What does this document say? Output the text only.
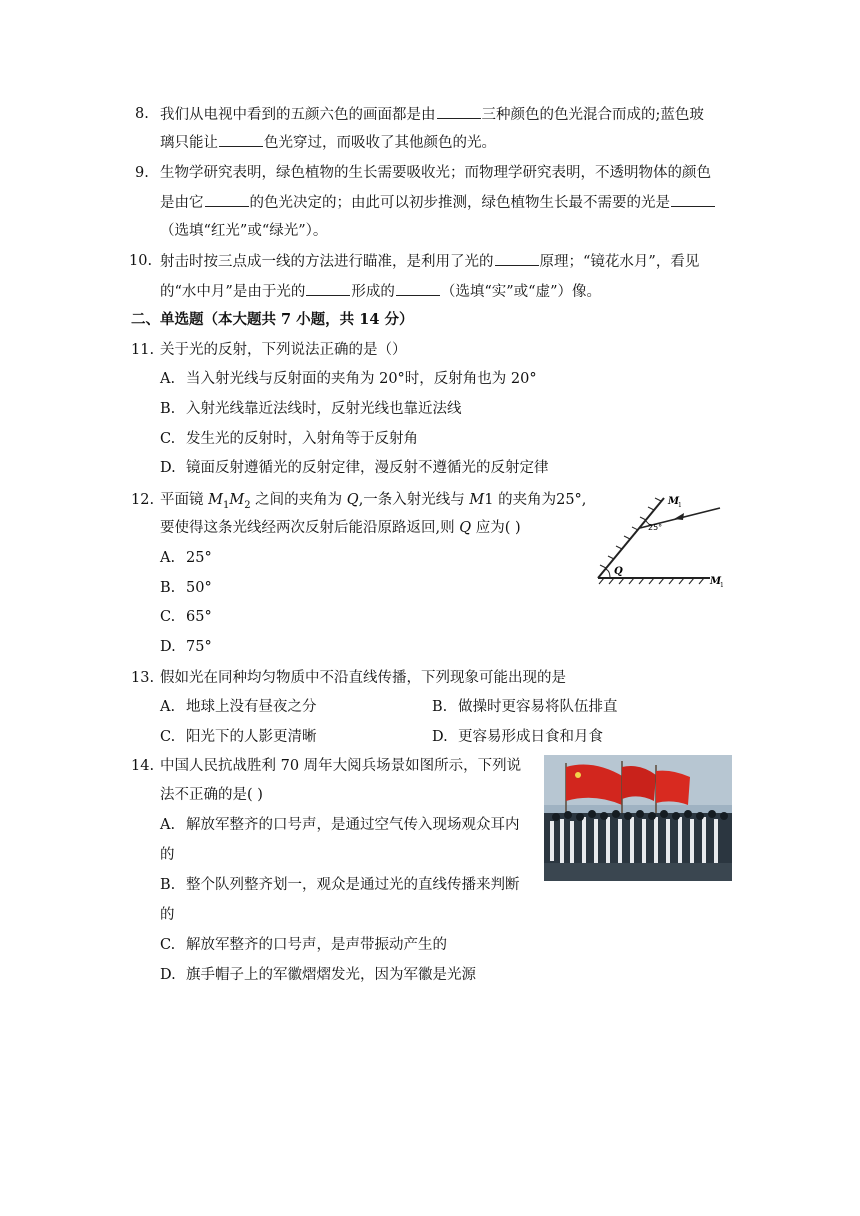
8. 我们从电视中看到的五颜六色的画面都是由	三种颜色的色光混合而成的;蓝色玻
璃只能让	色光穿过，而吸收了其他颜色的光。
9. 生物学研究表明，绿色植物的生长需要吸收光；而物理学研究表明，不透明物体的颜色
是由它	的色光决定的；由此可以初步推测，绿色植物生长最不需要的光是
（选填“红光”或“绿光”）。
10. 射击时按三点成一线的方法进行瞄准，是利用了光的	原理；“镜花水月”，看见
的“水中月”是由于光的	形成的	（选填“实”或“虚”）像。
二、单选题（本大题共 7 小题，共 14 分）
11. 关于光的反射，下列说法正确的是（）
A. 当入射光线与反射面的夹角为 20°时，反射角也为 20°
B. 入射光线靠近法线时，反射光线也靠近法线
C. 发生光的反射时，入射角等于反射角
D. 镜面反射遵循光的反射定律，漫反射不遵循光的反射定律
12. 平面镜 $M_1M_2$ 之间的夹角为 Q,一条入射光线与 M1 的夹角为25°,
要使得这条光线经两次反射后能沿原路返回,则 Q 应为( )
A. 25°
B. 50°
C. 65°
D. 75°
25°
Q
M
1
M
1
13. 假如光在同种均匀物质中不沿直线传播，下列现象可能出现的是
A. 地球上没有昼夜之分	B. 做操时更容易将队伍排直
C. 阳光下的人影更清晰	D. 更容易形成日食和月食
14. 中国人民抗战胜利 70 周年大阅兵场景如图所示，下列说
法不正确的是( )
A. 解放军整齐的口号声，是通过空气传入现场观众耳内
的
B. 整个队列整齐划一，观众是通过光的直线传播来判断
的
C. 解放军整齐的口号声，是声带振动产生的
D. 旗手帽子上的军徽熠熠发光，因为军徽是光源
